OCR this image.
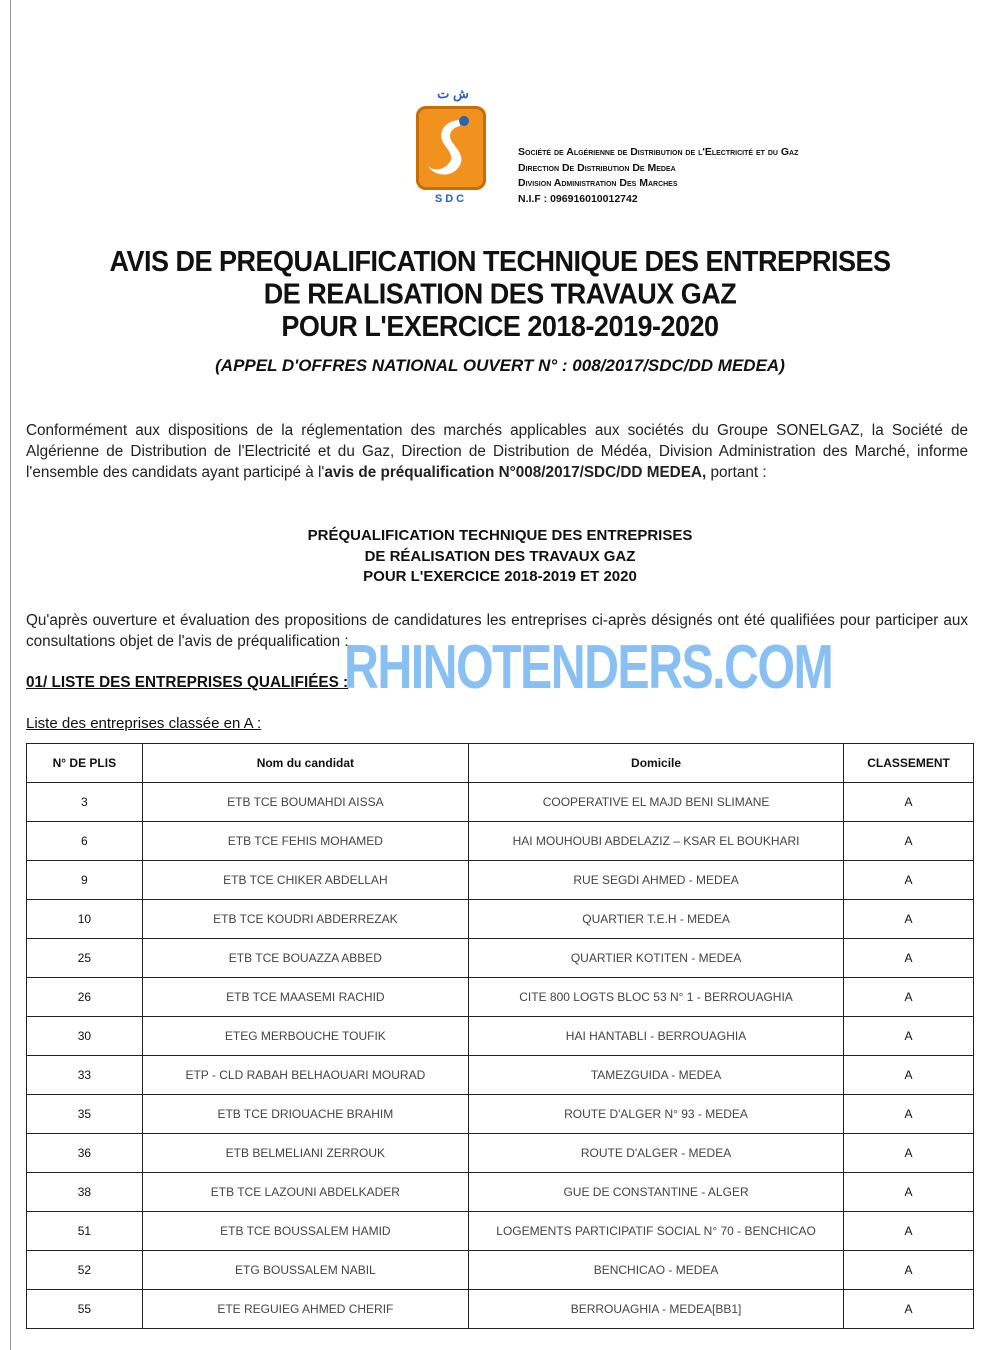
ش ت
SDC
Société de Algérienne de Distribution de l'Electricité et du Gaz
Direction De Distribution De Medea
Division Administration Des Marches
N.I.F : 096916010012742
AVIS DE PREQUALIFICATION TECHNIQUE DES ENTREPRISES
DE REALISATION DES TRAVAUX GAZ
POUR L'EXERCICE 2018-2019-2020
(APPEL D'OFFRES NATIONAL OUVERT N° : 008/2017/SDC/DD MEDEA)
Conformément aux dispositions de la réglementation des marchés applicables aux sociétés du Groupe SONELGAZ, la Société de Algérienne de Distribution de l'Electricité et du Gaz, Direction de Distribution de Médéa, Division Administration des Marché, informe l'ensemble des candidats ayant participé à l'avis de préqualification N°008/2017/SDC/DD MEDEA, portant :
PRÉQUALIFICATION TECHNIQUE DES ENTREPRISES
DE RÉALISATION DES TRAVAUX GAZ
POUR L'EXERCICE 2018-2019 ET 2020
Qu'après ouverture et évaluation des propositions de candidatures les entreprises ci-après désignés ont été qualifiées pour participer aux consultations objet de l'avis de préqualification :
01/ LISTE DES ENTREPRISES QUALIFIÉES :
Liste des entreprises classée en A :
N° DE PLIS	Nom du candidat	Domicile	CLASSEMENT
3	ETB TCE BOUMAHDI AISSA	COOPERATIVE EL MAJD BENI SLIMANE	A
6	ETB TCE FEHIS MOHAMED	HAI MOUHOUBI ABDELAZIZ – KSAR EL BOUKHARI	A
9	ETB TCE CHIKER ABDELLAH	RUE SEGDI AHMED - MEDEA	A
10	ETB TCE KOUDRI ABDERREZAK	QUARTIER T.E.H - MEDEA	A
25	ETB TCE BOUAZZA ABBED	QUARTIER KOTITEN - MEDEA	A
26	ETB TCE MAASEMI RACHID	CITE 800 LOGTS BLOC 53 N° 1 - BERROUAGHIA	A
30	ETEG MERBOUCHE TOUFIK	HAI HANTABLI - BERROUAGHIA	A
33	ETP - CLD RABAH BELHAOUARI MOURAD	TAMEZGUIDA - MEDEA	A
35	ETB TCE DRIOUACHE BRAHIM	ROUTE D'ALGER N° 93 - MEDEA	A
36	ETB BELMELIANI ZERROUK	ROUTE D'ALGER - MEDEA	A
38	ETB TCE LAZOUNI ABDELKADER	GUE DE CONSTANTINE - ALGER	A
51	ETB TCE BOUSSALEM HAMID	LOGEMENTS PARTICIPATIF SOCIAL N° 70 - BENCHICAO	A
52	ETG BOUSSALEM NABIL	BENCHICAO - MEDEA	A
55	ETE REGUIEG AHMED CHERIF	BERROUAGHIA - MEDEA[BB1]	A
RHINOTENDERS.COM
